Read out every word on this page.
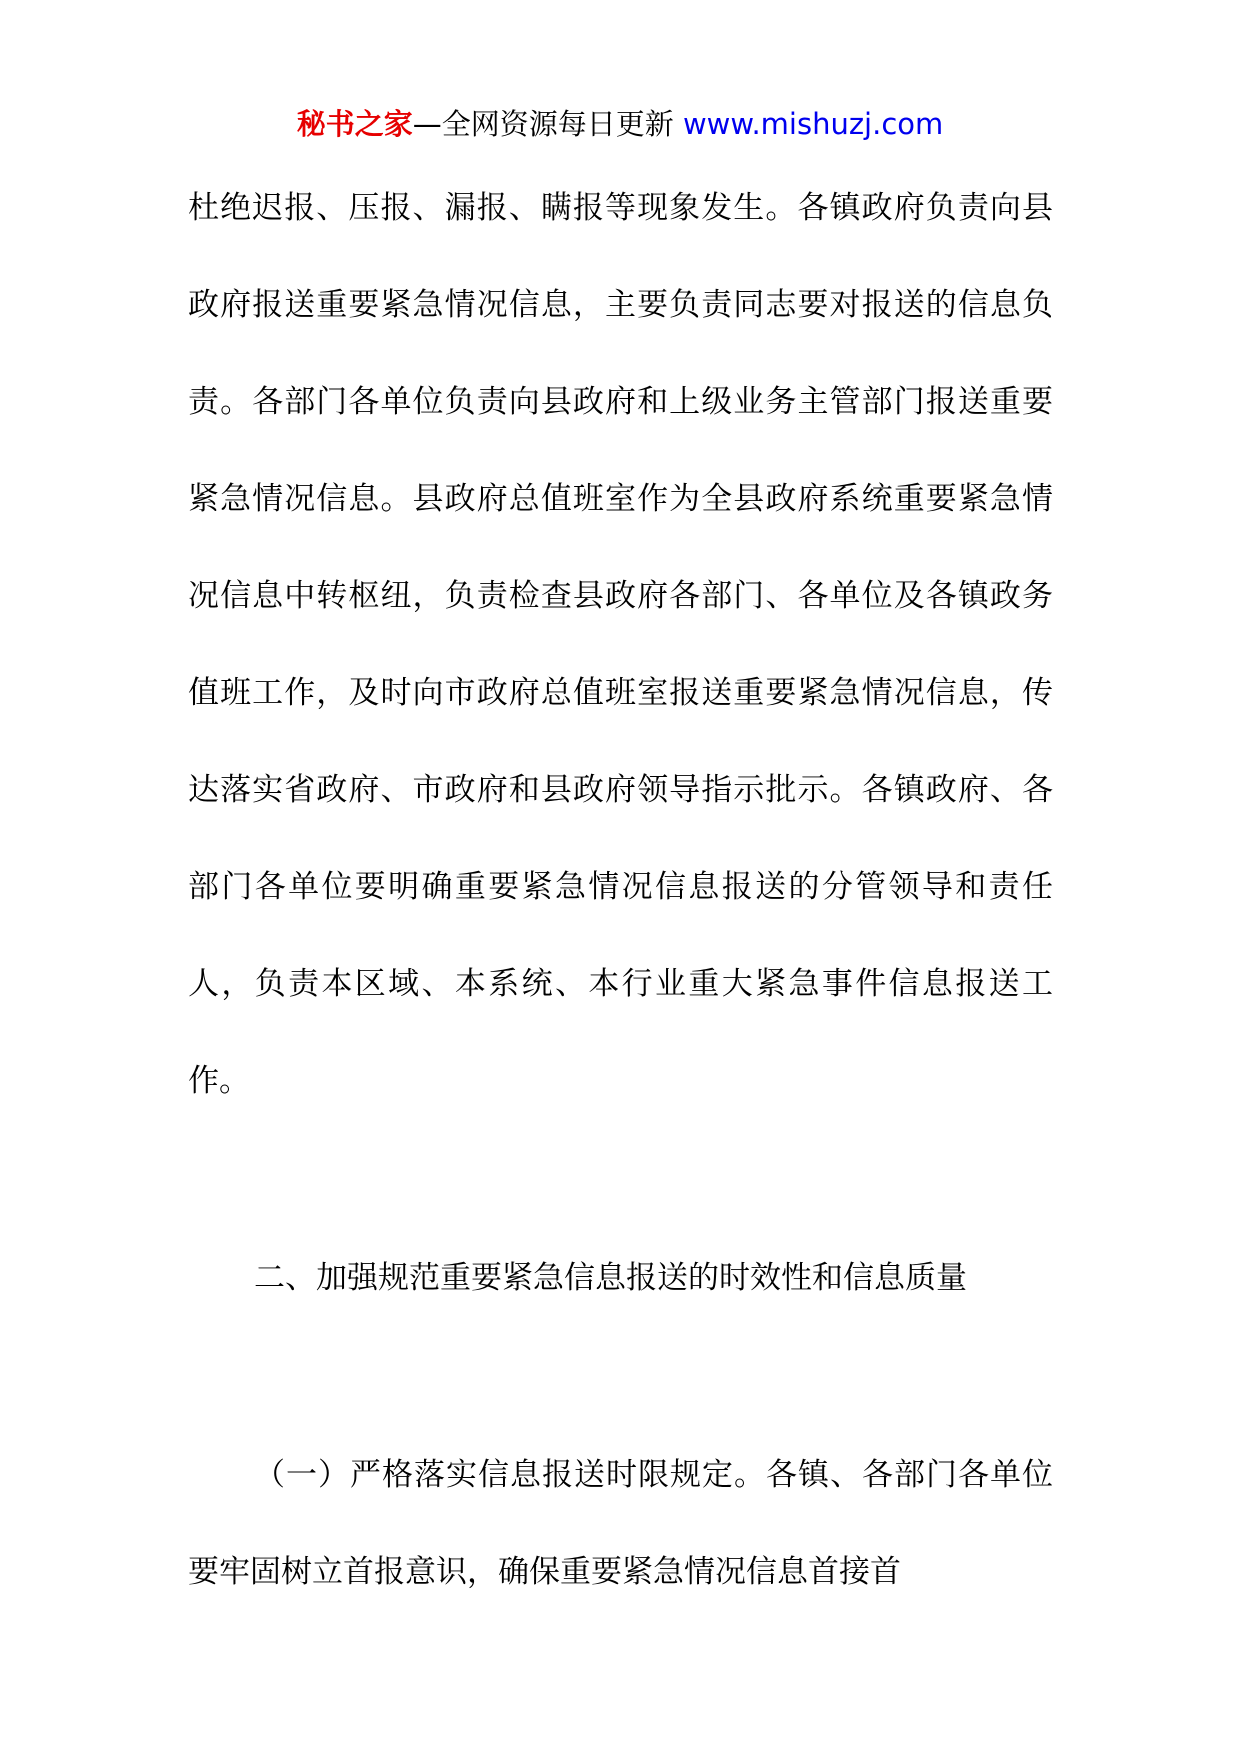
秘书之家—全网资源每日更新 www.mishuzj.com

杜绝迟报、压报、漏报、瞒报等现象发生。各镇政府负责向县政府报送重要紧急情况信息，主要负责同志要对报送的信息负责。各部门各单位负责向县政府和上级业务主管部门报送重要紧急情况信息。县政府总值班室作为全县政府系统重要紧急情况信息中转枢纽，负责检查县政府各部门、各单位及各镇政务值班工作，及时向市政府总值班室报送重要紧急情况信息，传达落实省政府、市政府和县政府领导指示批示。各镇政府、各部门各单位要明确重要紧急情况信息报送的分管领导和责任人，负责本区域、本系统、本行业重大紧急事件信息报送工作。

二、加强规范重要紧急信息报送的时效性和信息质量

（一）严格落实信息报送时限规定。各镇、各部门各单位要牢固树立首报意识，确保重要紧急情况信息首接首
